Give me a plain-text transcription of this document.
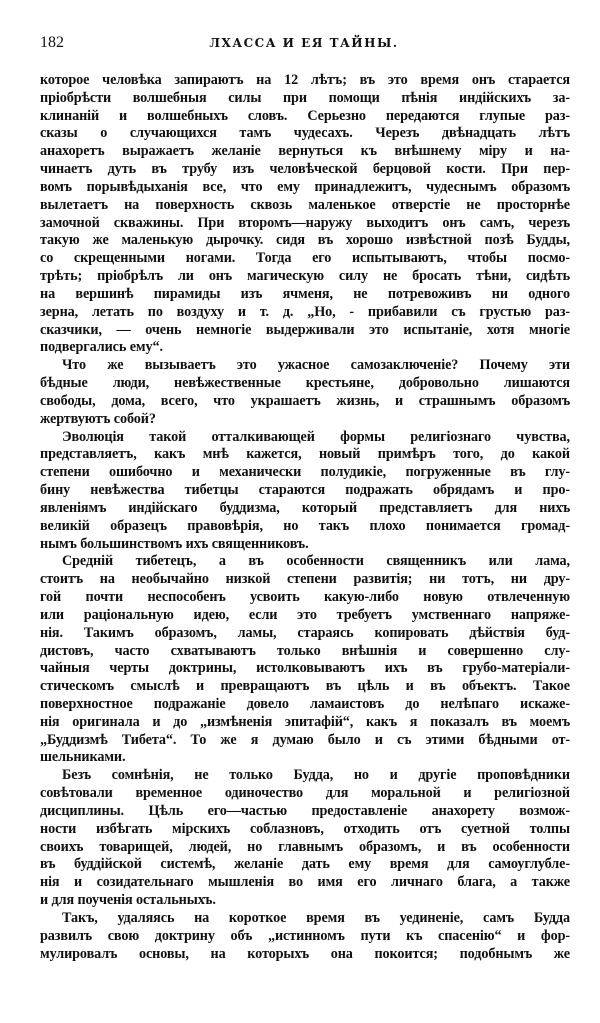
182	ЛХАССА И ЕЯ ТАЙНЫ.
которое человѣка запираютъ на 12 лѣтъ; въ это время онъ старается
пріобрѣсти волшебныя силы при помощи пѣнія индійскихъ за-
клинаній и волшебныхъ словъ. Серьезно передаются глупые раз-
сказы о случающихся тамъ чудесахъ. Черезъ двѣнадцать лѣтъ
анахоретъ выражаетъ желаніе вернуться къ внѣшнему міру и на-
чинаетъ дуть въ трубу изъ человѣческой берцовой кости. При пер-
вомъ порывѣдыханія все, что ему принадлежитъ, чудеснымъ образомъ
вылетаетъ на поверхность сквозь маленькое отверстіе не просторнѣе
замочной скважины. При второмъ—наружу выходитъ онъ самъ, черезъ
такую же маленькую дырочку. сидя въ хорошо извѣстной позѣ Будды,
со скрещенными ногами. Тогда его испытываютъ, чтобы посмо-
трѣть; пріобрѣлъ ли онъ магическую силу не бросать тѣни, сидѣть
на вершинѣ пирамиды изъ ячменя, не потревоживъ ни одного
зерна, летать по воздуху и т. д. „Но, - прибавили съ грустью раз-
сказчики, — очень немногіе выдерживали это испытаніе, хотя многіе
подвергались ему“.
Что же вызываетъ это ужасное самозаключеніе? Почему эти
бѣдные люди, невѣжественные крестьяне, добровольно лишаются
свободы, дома, всего, что украшаетъ жизнь, и страшнымъ образомъ
жертвуютъ собой?
Эволюція такой отталкивающей формы религіознаго чувства,
представляетъ, какъ мнѣ кажется, новый примѣръ того, до какой
степени ошибочно и механически полудикіе, погруженные въ глу-
бину невѣжества тибетцы стараются подражать обрядамъ и про-
явленіямъ индійскаго буддизма, который представляетъ для нихъ
великій образецъ правовѣрія, но такъ плохо понимается громад-
нымъ большинствомъ ихъ священниковъ.
Средній тибетецъ, а въ особенности священникъ или лама,
стоитъ на необычайно низкой степени развитія; ни тотъ, ни дру-
гой почти неспособенъ усвоить какую-либо новую отвлеченную
или раціональную идею, если это требуетъ умственнаго напряже-
нія. Такимъ образомъ, ламы, стараясь копировать дѣйствія буд-
дистовъ, часто схватываютъ только внѣшнія и совершенно слу-
чайныя черты доктрины, истолковываютъ ихъ въ грубо-матеріали-
стическомъ смыслѣ и превращаютъ въ цѣль и въ объектъ. Такое
поверхностное подражаніе довело ламаистовъ до нелѣпаго искаже-
нія оригинала и до „измѣненія эпитафій“, какъ я показалъ въ моемъ
„Буддизмѣ Тибета“. То же я думаю было и съ этими бѣдными от-
шельниками.
Безъ сомнѣнія, не только Будда, но и другіе проповѣдники
совѣтовали временное одиночество для моральной и религіозной
дисциплины. Цѣль его—частью предоставленіе анахорету возмож-
ности избѣгать мірскихъ соблазновъ, отходить отъ суетной толпы
своихъ товарищей, людей, но главнымъ образомъ, и въ особенности
въ буддійской системѣ, желаніе дать ему время для самоуглубле-
нія и созидательнаго мышленія во имя его личнаго блага, а также
и для поученія остальныхъ.
Такъ, удаляясь на короткое время въ уединеніе, самъ Будда
развилъ свою доктрину объ „истинномъ пути къ спасенію“ и фор-
мулировалъ основы, на которыхъ она покоится; подобнымъ же
